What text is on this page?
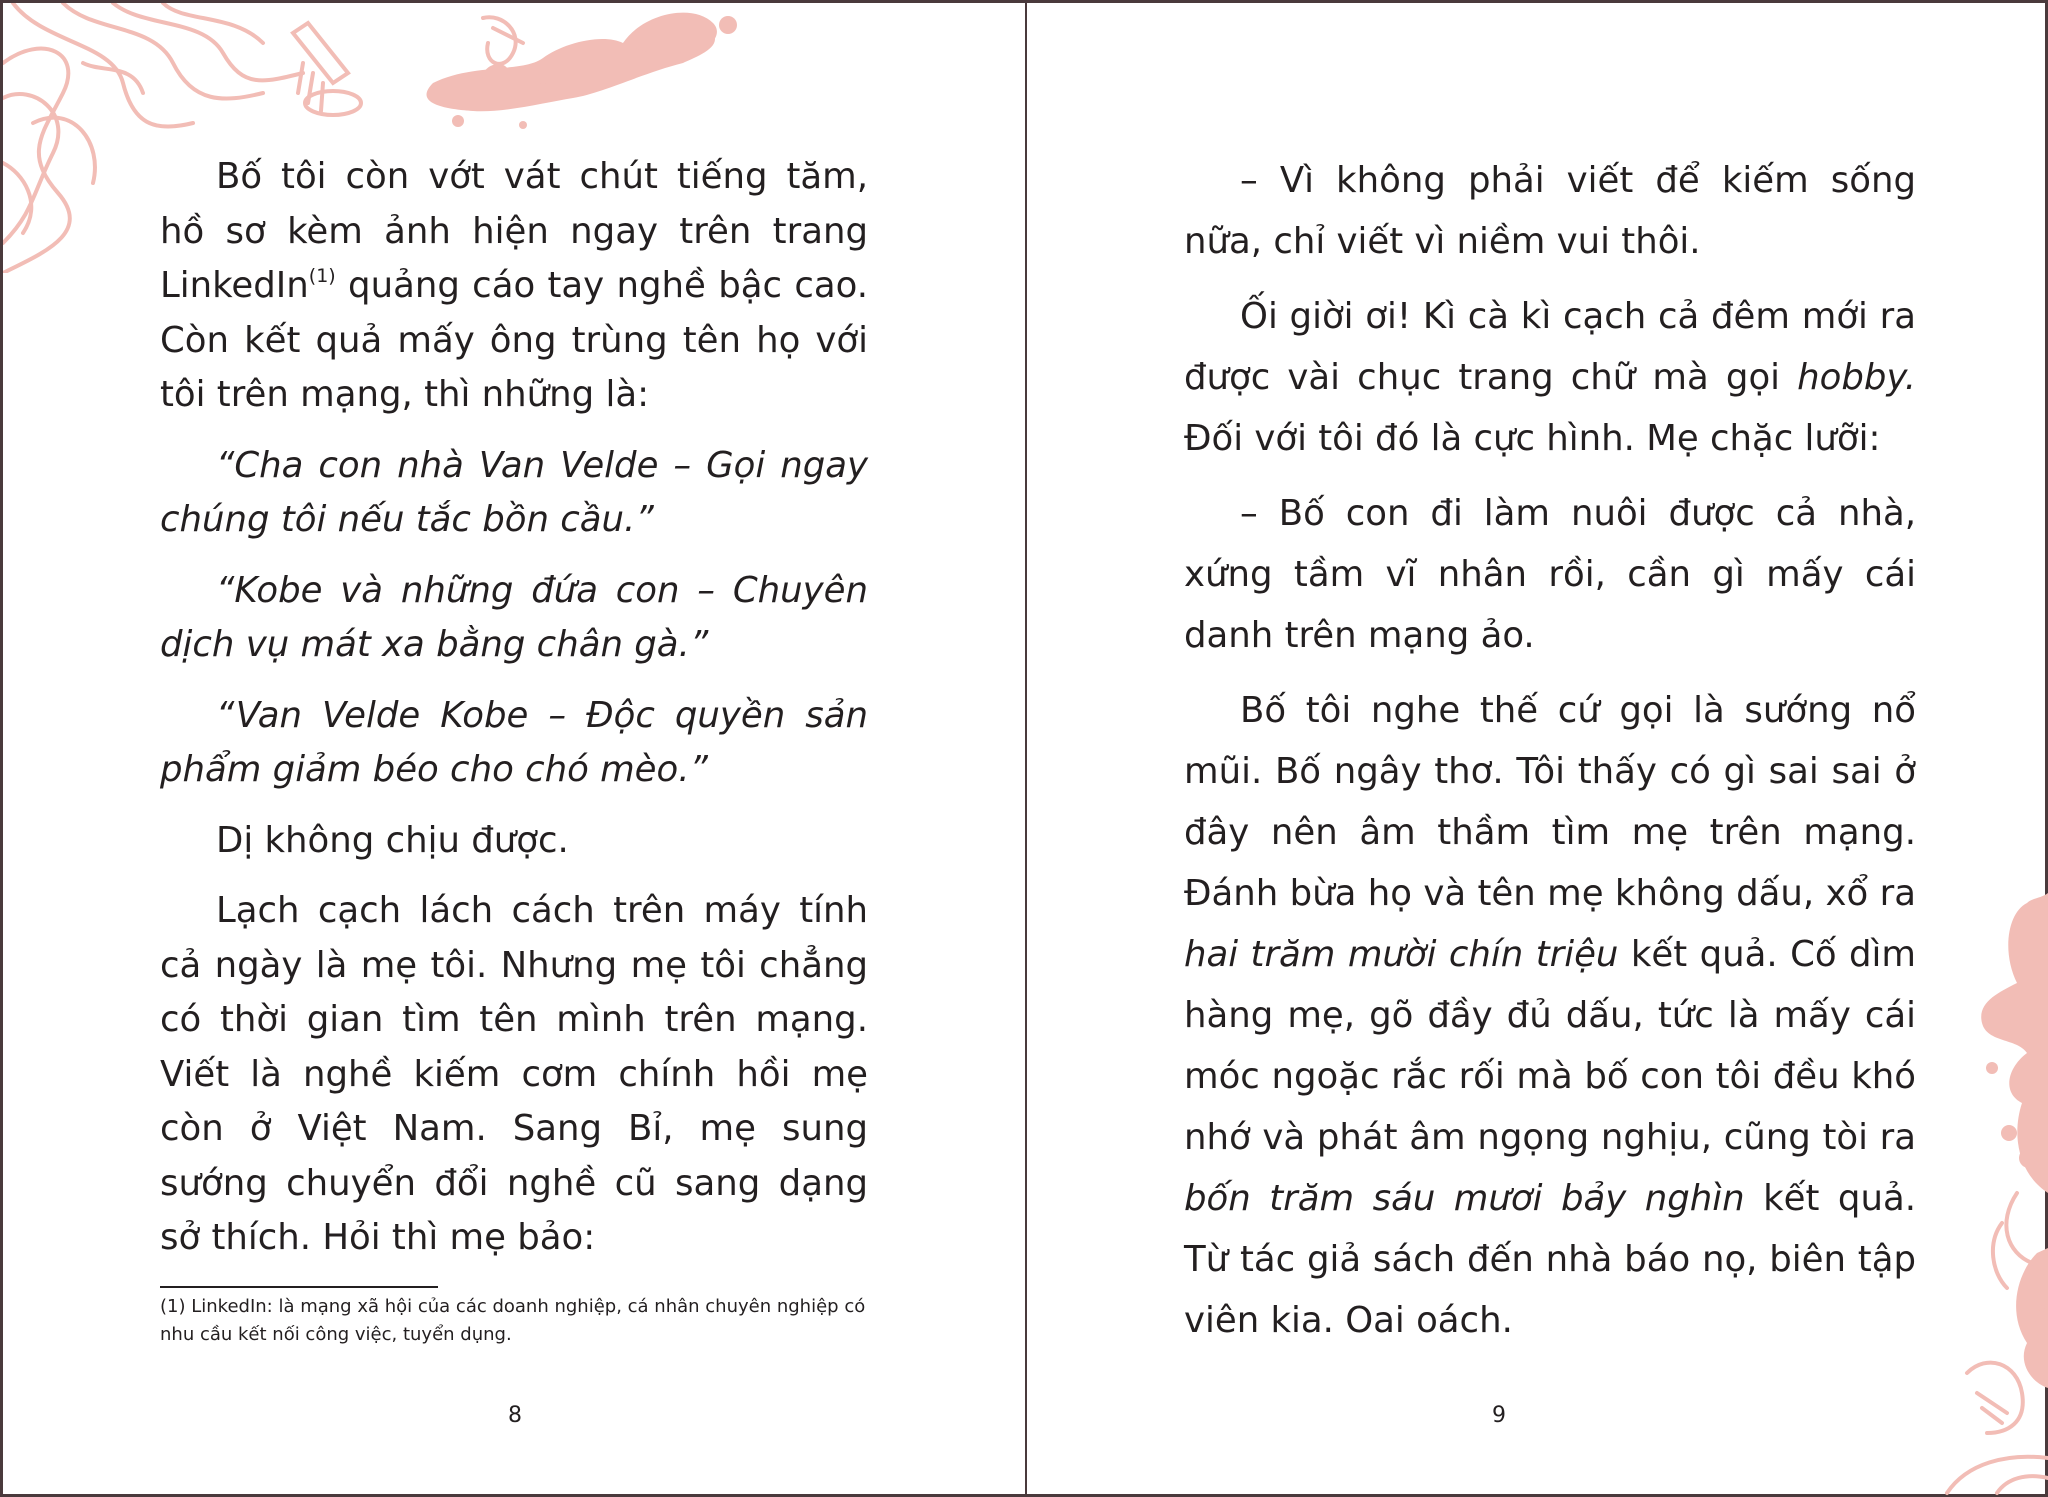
Bố tôi còn vớt vát chút tiếng tăm, hồ sơ kèm ảnh hiện ngay trên trang LinkedIn$^{(1)}$ quảng cáo tay nghề bậc cao. Còn kết quả mấy ông trùng tên họ với tôi trên mạng, thì những là:

“Cha con nhà Van Velde – Gọi ngay chúng tôi nếu tắc bồn cầu.”

“Kobe và những đứa con – Chuyên dịch vụ mát xa bằng chân gà.”

“Van Velde Kobe – Độc quyền sản phẩm giảm béo cho chó mèo.”

Dị không chịu được.

Lạch cạch lách cách trên máy tính cả ngày là mẹ tôi. Nhưng mẹ tôi chẳng có thời gian tìm tên mình trên mạng. Viết là nghề kiếm cơm chính hồi mẹ còn ở Việt Nam. Sang Bỉ, mẹ sung sướng chuyển đổi nghề cũ sang dạng sở thích. Hỏi thì mẹ bảo:

(1) LinkedIn: là mạng xã hội của các doanh nghiệp, cá nhân chuyên nghiệp có nhu cầu kết nối công việc, tuyển dụng.
8

– Vì không phải viết để kiếm sống nữa, chỉ viết vì niềm vui thôi.

Ối giời ơi! Kì cà kì cạch cả đêm mới ra được vài chục trang chữ mà gọi hobby. Đối với tôi đó là cực hình. Mẹ chặc lưỡi:

– Bố con đi làm nuôi được cả nhà, xứng tầm vĩ nhân rồi, cần gì mấy cái danh trên mạng ảo.

Bố tôi nghe thế cứ gọi là sướng nổ mũi. Bố ngây thơ. Tôi thấy có gì sai sai ở đây nên âm thầm tìm mẹ trên mạng. Đánh bừa họ và tên mẹ không dấu, xổ ra hai trăm mười chín triệu kết quả. Cố dìm hàng mẹ, gõ đầy đủ dấu, tức là mấy cái móc ngoặc rắc rối mà bố con tôi đều khó nhớ và phát âm ngọng nghịu, cũng tòi ra bốn trăm sáu mươi bảy nghìn kết quả. Từ tác giả sách đến nhà báo nọ, biên tập viên kia. Oai oách.

9
